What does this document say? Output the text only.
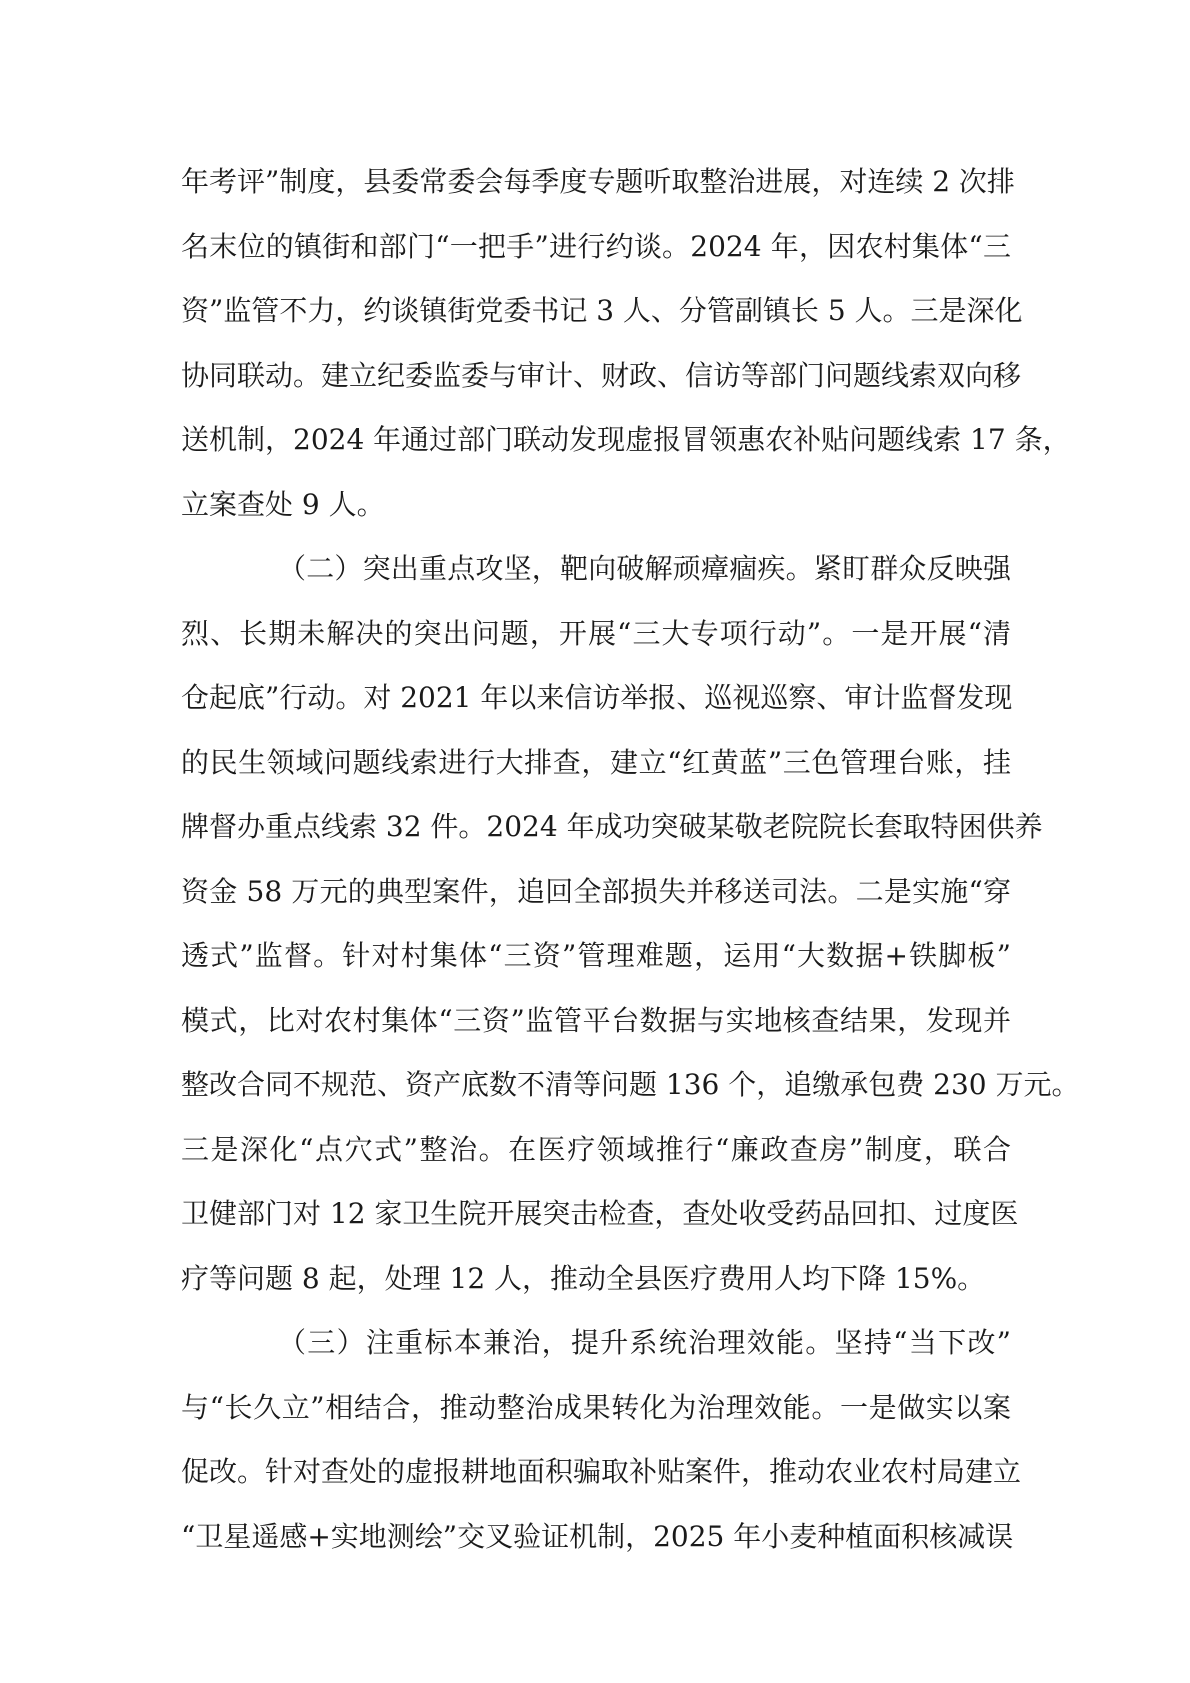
年考评”制度，县委常委会每季度专题听取整治进展，对连续 2 次排
名末位的镇街和部门“一把手”进行约谈。2024 年，因农村集体“三
资”监管不力，约谈镇街党委书记 3 人、分管副镇长 5 人。三是深化
协同联动。建立纪委监委与审计、财政、信访等部门问题线索双向移
送机制，2024 年通过部门联动发现虚报冒领惠农补贴问题线索 17 条，
立案查处 9 人。
（二）突出重点攻坚，靶向破解顽瘴痼疾。紧盯群众反映强
烈、长期未解决的突出问题，开展“三大专项行动”。一是开展“清
仓起底”行动。对 2021 年以来信访举报、巡视巡察、审计监督发现
的民生领域问题线索进行大排查，建立“红黄蓝”三色管理台账，挂
牌督办重点线索 32 件。2024 年成功突破某敬老院院长套取特困供养
资金 58 万元的典型案件，追回全部损失并移送司法。二是实施“穿
透式”监督。针对村集体“三资”管理难题，运用“大数据+铁脚板”
模式，比对农村集体“三资”监管平台数据与实地核查结果，发现并
整改合同不规范、资产底数不清等问题 136 个，追缴承包费 230 万元。
三是深化“点穴式”整治。在医疗领域推行“廉政查房”制度，联合
卫健部门对 12 家卫生院开展突击检查，查处收受药品回扣、过度医
疗等问题 8 起，处理 12 人，推动全县医疗费用人均下降 15%。
（三）注重标本兼治，提升系统治理效能。坚持“当下改”
与“长久立”相结合，推动整治成果转化为治理效能。一是做实以案
促改。针对查处的虚报耕地面积骗取补贴案件，推动农业农村局建立
“卫星遥感+实地测绘”交叉验证机制，2025 年小麦种植面积核减误
